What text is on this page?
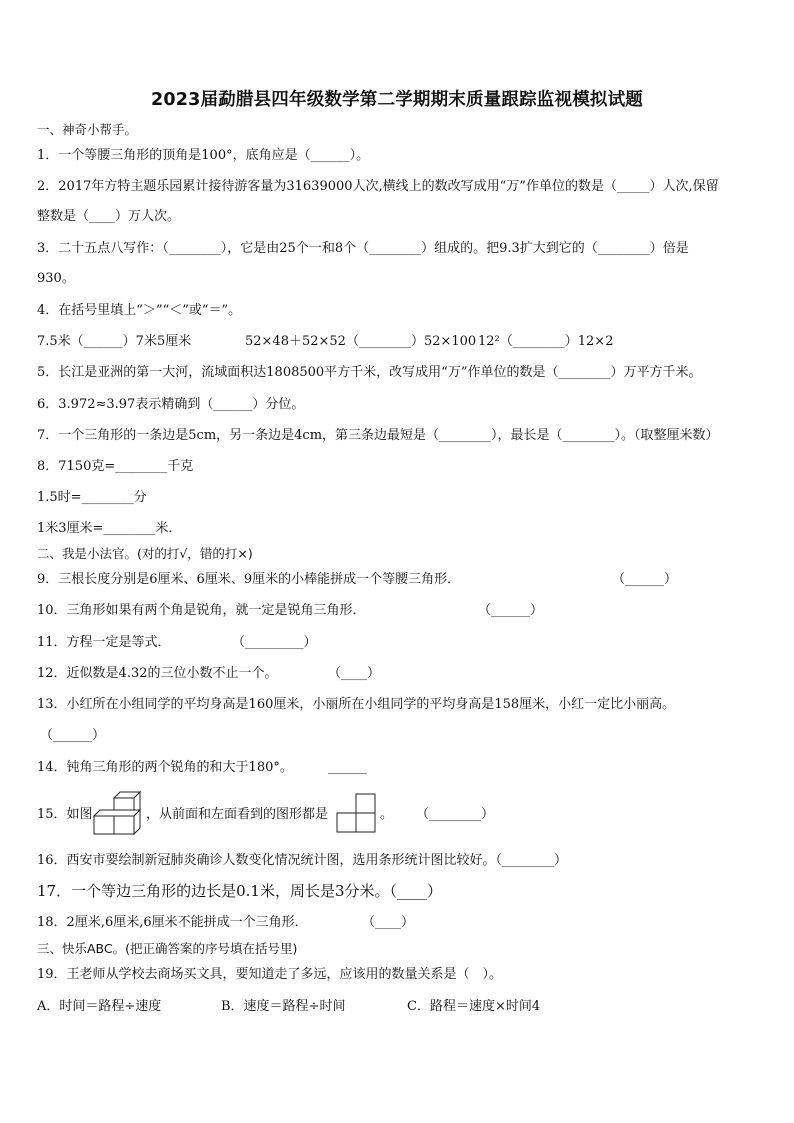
2023届勐腊县四年级数学第二学期期末质量跟踪监视模拟试题
一、神奇小帮手。
1．一个等腰三角形的顶角是100°，底角应是（______）。
2．2017年方特主题乐园累计接待游客量为31639000人次,横线上的数改写成用“万”作单位的数是（_____）人次,保留
整数是（____）万人次。
3．二十五点八写作：（________），它是由25个一和8个（________）组成的。把9.3扩大到它的（________）倍是
930。
4．在括号里填上“＞”“＜”或“＝”。
7.5米（______）7米5厘米	52×48＋52×52（________）52×100 12²（________）12×2
5．长江是亚洲的第一大河，流域面积达1808500平方千米，改写成用“万”作单位的数是（________）万平方千米。
6．3.972≈3.97表示精确到（______）分位。
7．一个三角形的一条边是5cm，另一条边是4cm，第三条边最短是（________），最长是（________）。（取整厘米数）
8．7150克=________千克
1.5时=________分
1米3厘米=________米．
二、我是小法官。(对的打√，错的打×)
9．三根长度分别是6厘米、6厘米、9厘米的小棒能拼成一个等腰三角形．	（______）
10．三角形如果有两个角是锐角，就一定是锐角三角形．	（______）
11．方程一定是等式．	（_________）
12．近似数是4.32的三位小数不止一个。	（____）
13．小红所在小组同学的平均身高是160厘米，小丽所在小组同学的平均身高是158厘米，小红一定比小丽高。
（______）
14．钝角三角形的两个锐角的和大于180°。	______
15．如图	，从前面和左面看到的图形都是	。 （________）
16．西安市要绘制新冠肺炎确诊人数变化情况统计图，选用条形统计图比较好。（________）
17．一个等边三角形的边长是0.1米，周长是3分米。（____）
18．2厘米,6厘米,6厘米不能拼成一个三角形．	（____）
三、快乐ABC。(把正确答案的序号填在括号里)
19．王老师从学校去商场买文具，要知道走了多远，应该用的数量关系是（　）。
A．时间＝路程÷速度	B．速度＝路程÷时间	C．路程＝速度×时间4
